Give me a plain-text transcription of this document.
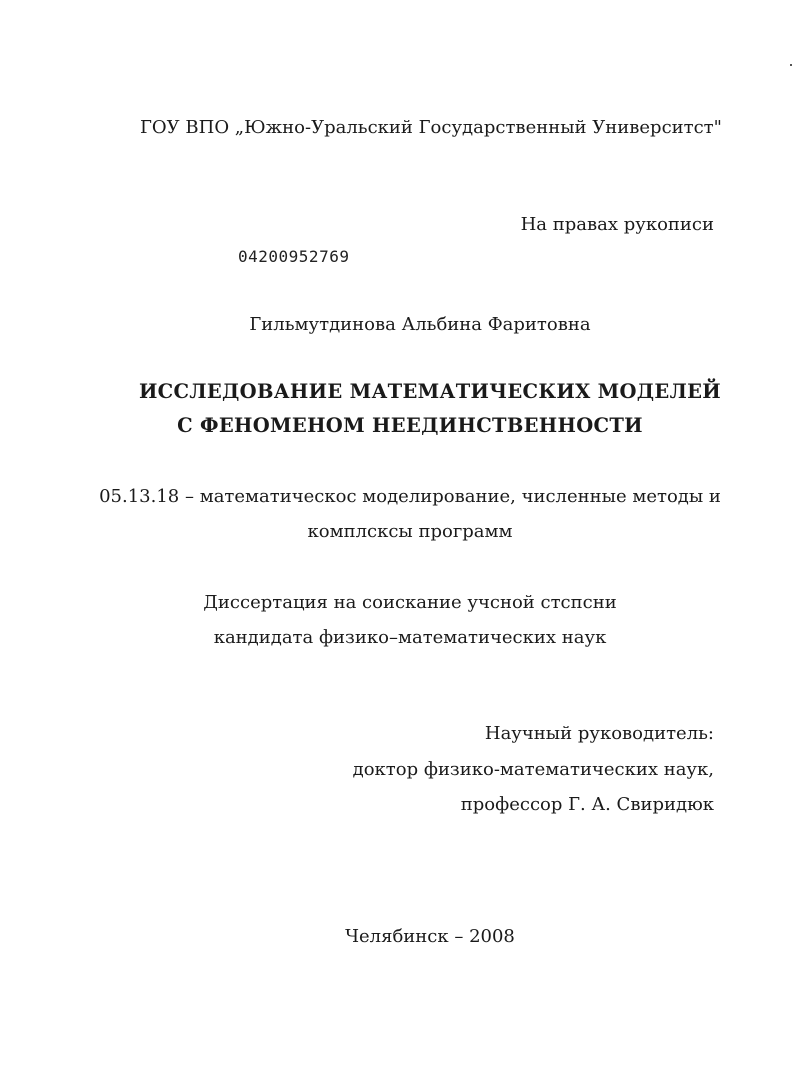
ГОУ ВПО „Южно-Уральский Государственный Университст"
На правах рукописи
04200952769
Гильмутдинова Альбина Фаритовна
ИССЛЕДОВАНИЕ МАТЕМАТИЧЕСКИХ МОДЕЛЕЙ
С ФЕНОМЕНОМ НЕЕДИНСТВЕННОСТИ
05.13.18 – математическос моделирование, численные методы и
комплсксы программ
Диссертация на соискание учсной стспсни
кандидата физико–математических наук
Научный руководитель:
доктор физико-математических наук,
профессор Г. А. Свиридюк
Челябинск – 2008
